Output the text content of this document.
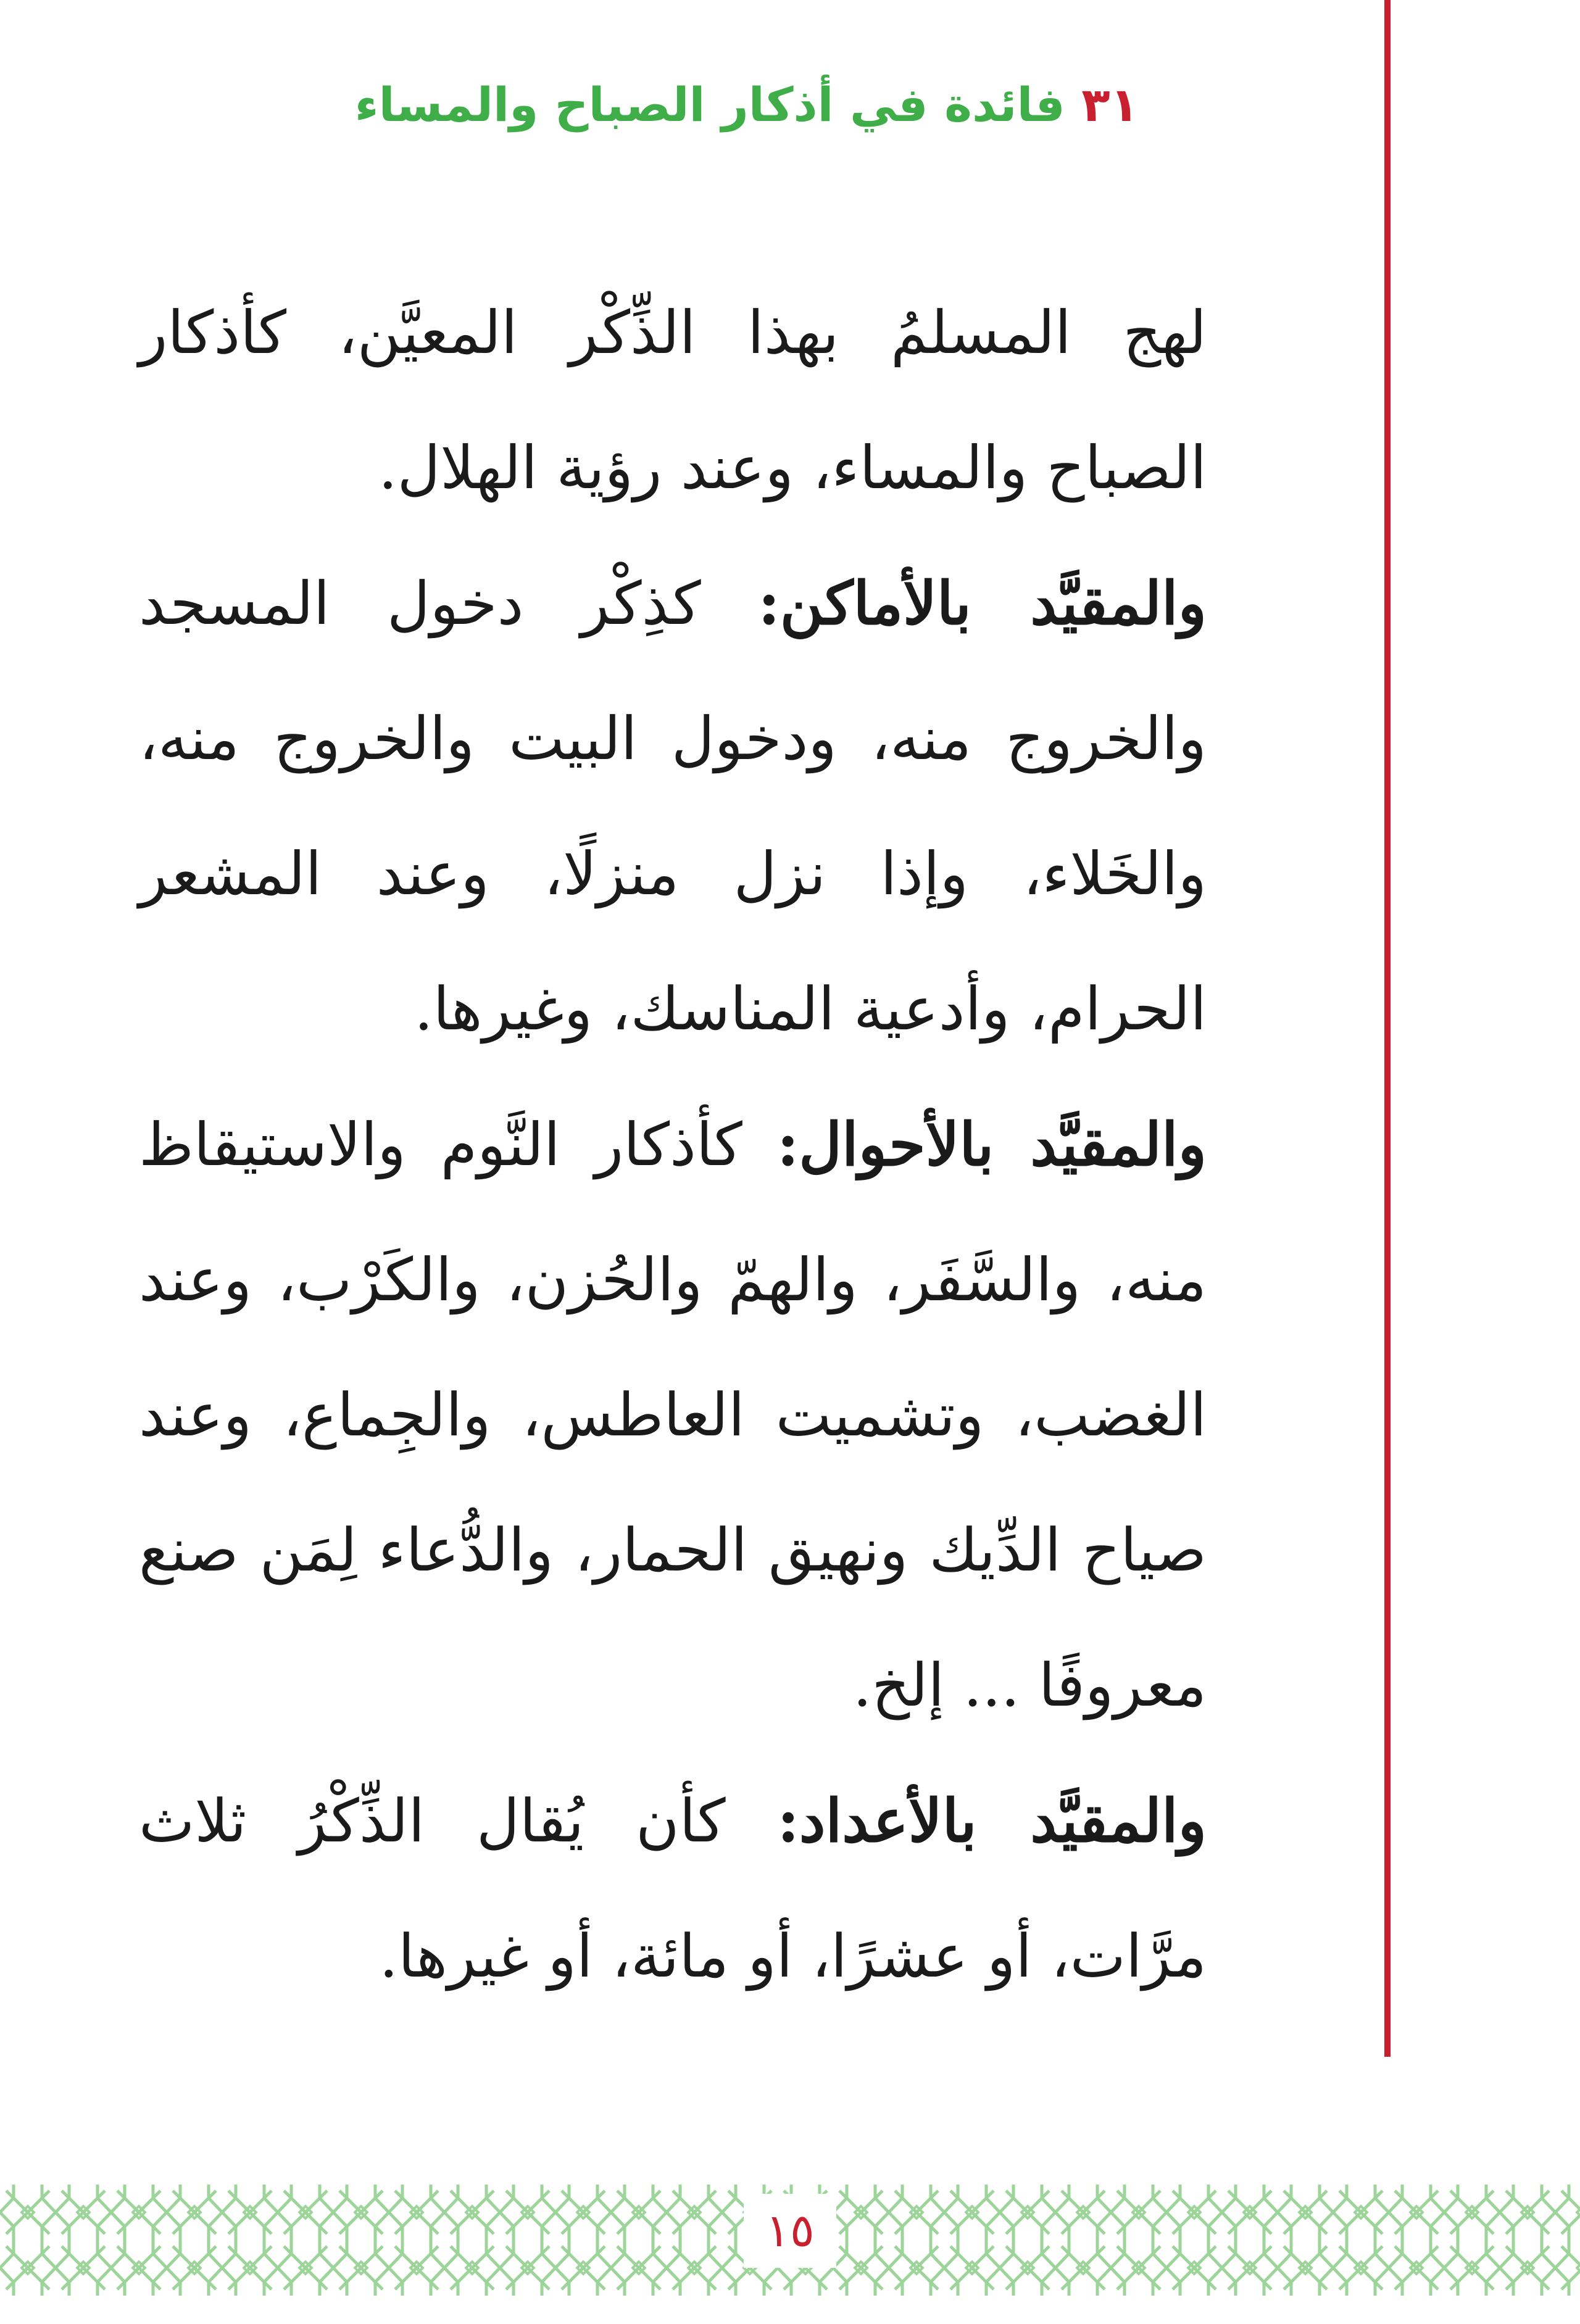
٣١ فائدة في أذكار الصباح والمساء

لهج المسلمُ بهذا الذِّكْر المعيَّن، كأذكار الصباح والمساء، وعند رؤية الهلال.

والمقيَّد بالأماكن: كذِكْر دخول المسجد والخروج منه، ودخول البيت والخروج منه، والخَلاء، وإذا نزل منزلًا، وعند المشعر الحرام، وأدعية المناسك، وغيرها.

والمقيَّد بالأحوال: كأذكار النَّوم والاستيقاظ منه، والسَّفَر، والهمّ والحُزن، والكَرْب، وعند الغضب، وتشميت العاطس، والجِماع، وعند صياح الدِّيك ونهيق الحمار، والدُّعاء لِمَن صنع معروفًا ... إلخ.

والمقيَّد بالأعداد: كأن يُقال الذِّكْرُ ثلاث مرَّات، أو عشرًا، أو مائة، أو غيرها.

١٥
